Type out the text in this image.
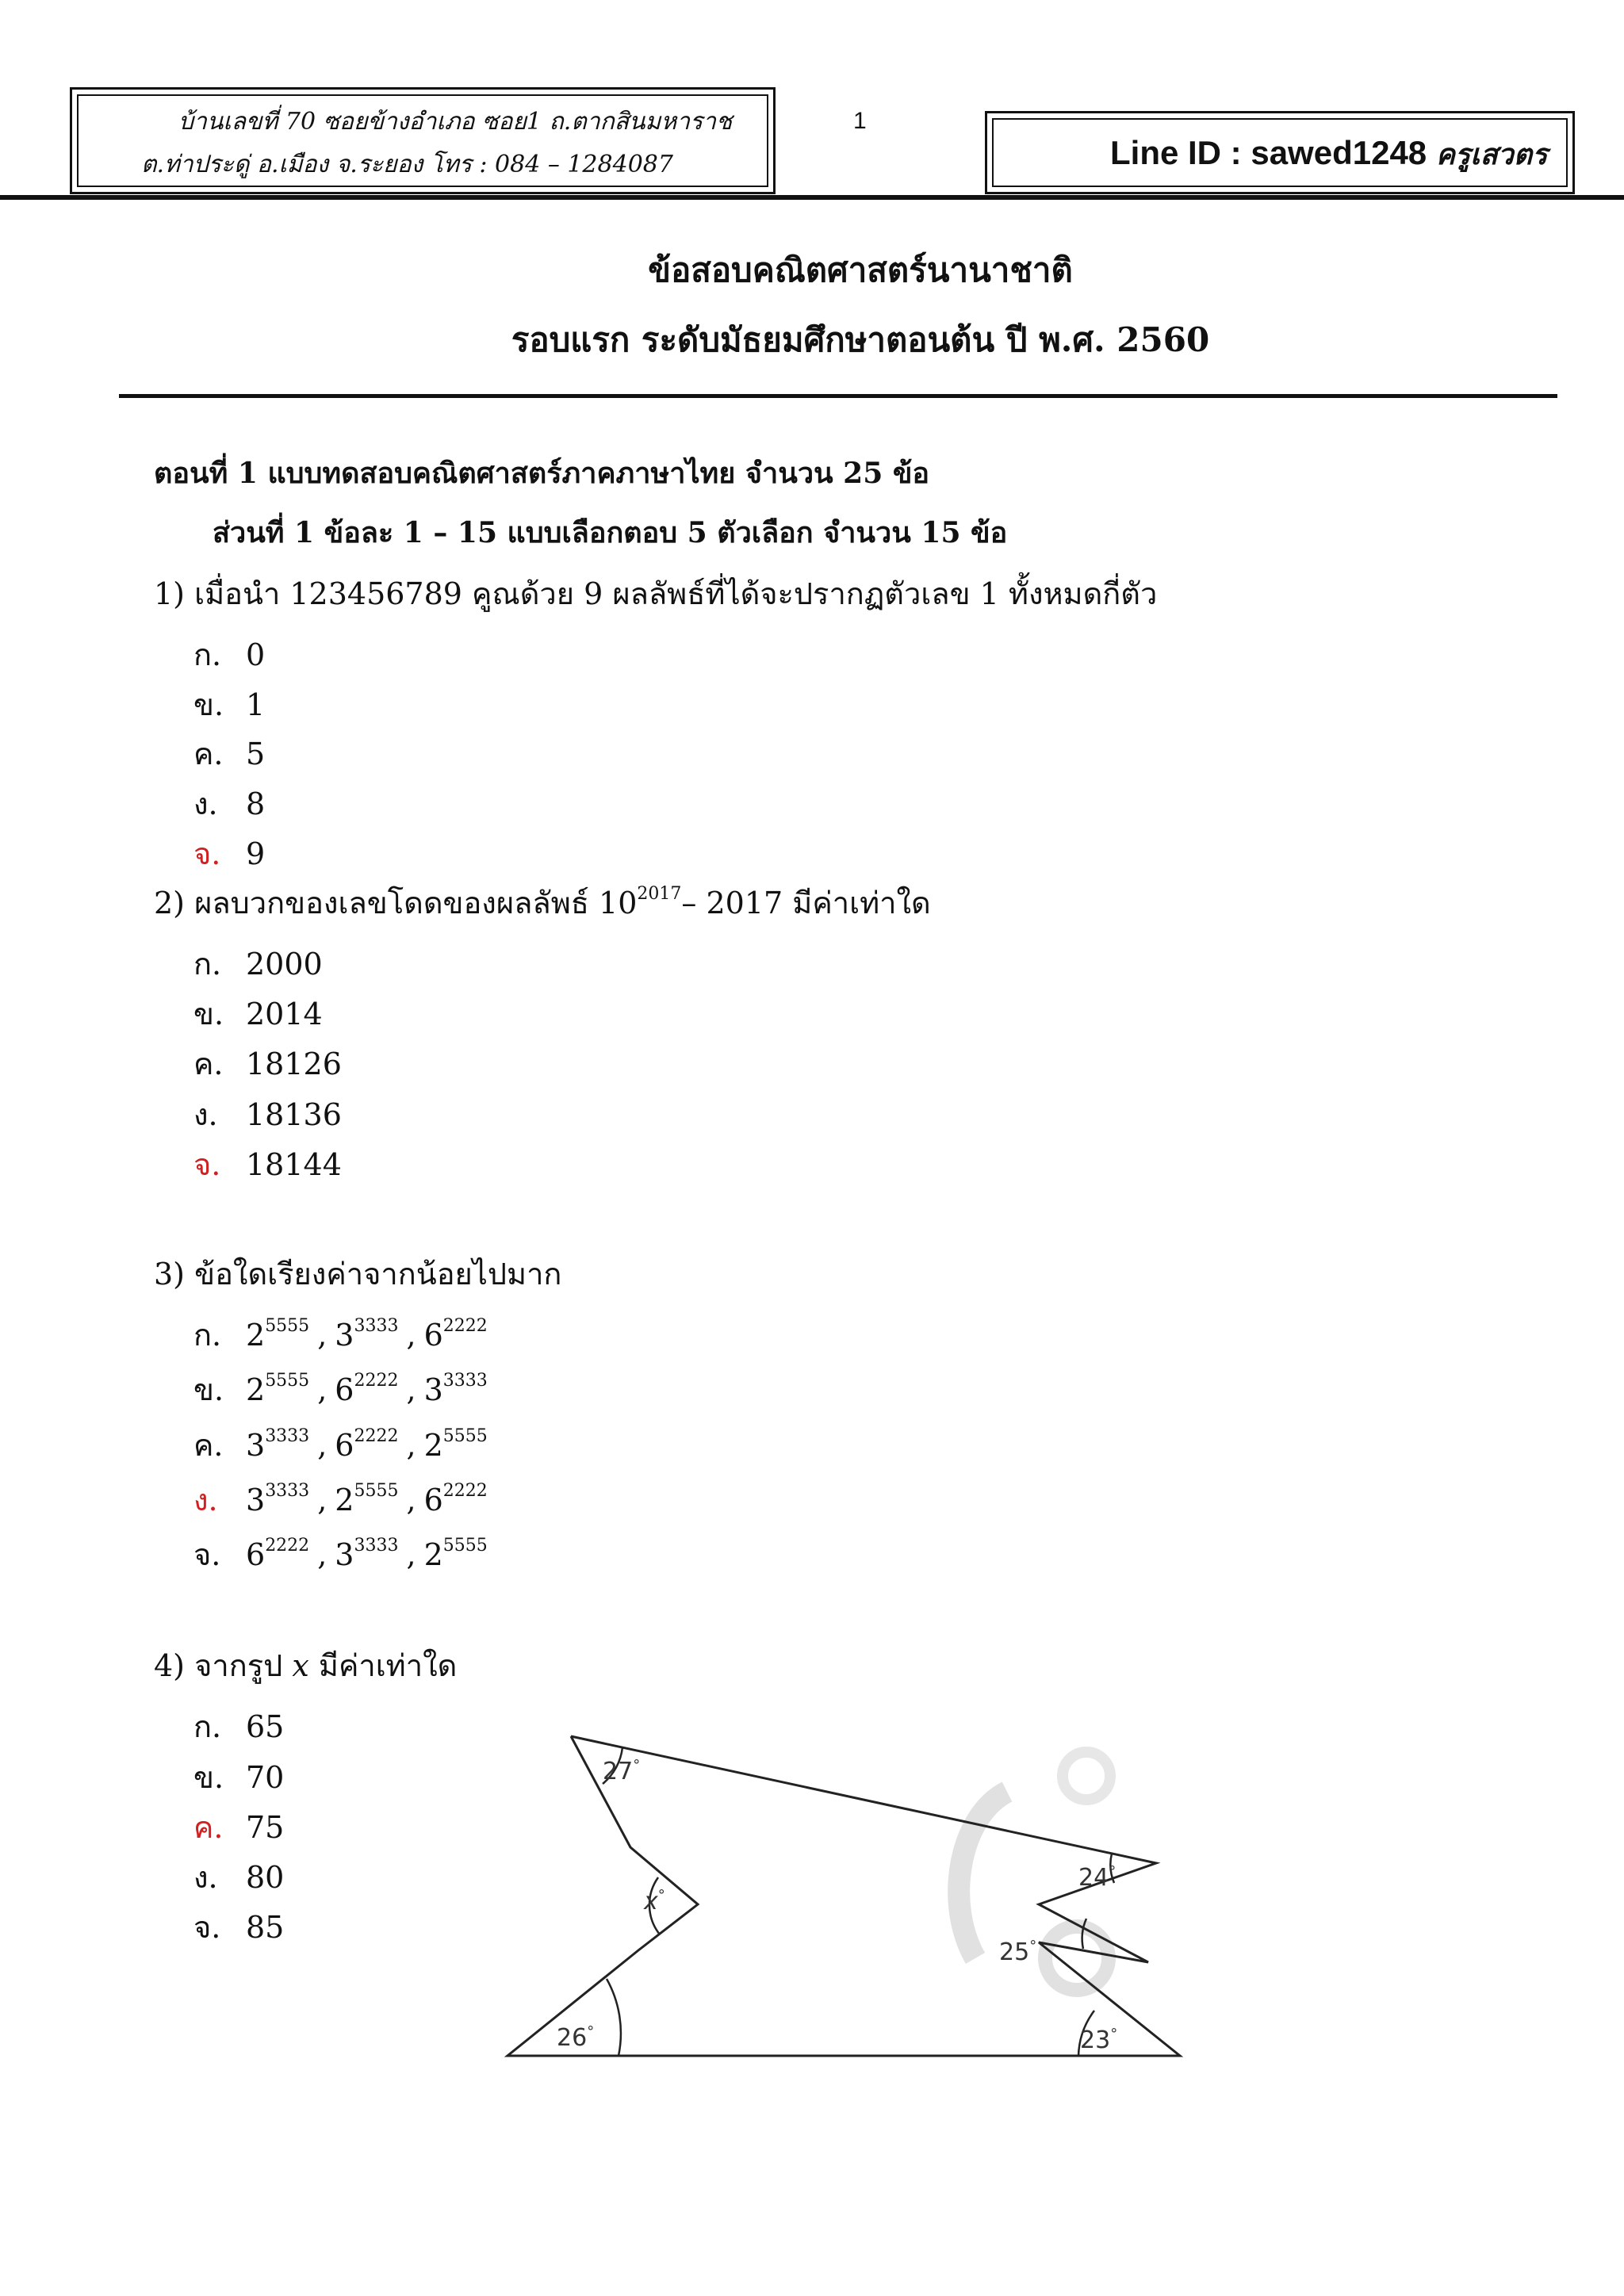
บ้านเลขที่ 70 ซอยข้างอำเภอ ซอย1 ถ.ตากสินมหาราช
ต.ท่าประดู่ อ.เมือง จ.ระยอง โทร : 084 – 1284087
1
Line ID : sawed1248 ครูเสวตร
ข้อสอบคณิตศาสตร์นานาชาติ
รอบแรก ระดับมัธยมศึกษาตอนต้น ปี พ.ศ. 2560
ตอนที่ 1 แบบทดสอบคณิตศาสตร์ภาคภาษาไทย จำนวน 25 ข้อ
ส่วนที่ 1 ข้อละ 1 – 15 แบบเลือกตอบ 5 ตัวเลือก จำนวน 15 ข้อ
1) เมื่อนำ 123456789 คูณด้วย 9 ผลลัพธ์ที่ได้จะปรากฏตัวเลข 1 ทั้งหมดกี่ตัว
ก. 0
ข. 1
ค. 5
ง. 8
จ. 9
2) ผลบวกของเลขโดดของผลลัพธ์ $10^{2017}-$ 2017 มีค่าเท่าใด
ก. 2000
ข. 2014
ค. 18126
ง. 18136
จ. 18144
3) ข้อใดเรียงค่าจากน้อยไปมาก
ก. $2^{5555}$ , $3^{3333}$ , $6^{2222}$
ข. $2^{5555}$ , $6^{2222}$ , $3^{3333}$
ค. $3^{3333}$ , $6^{2222}$ , $2^{5555}$
ง. $3^{3333}$ , $2^{5555}$ , $6^{2222}$
จ. $6^{2222}$ , $3^{3333}$ , $2^{5555}$
4) จากรูป x มีค่าเท่าใด
ก. 65
ข. 70
ค. 75
ง. 80
จ. 85
27°
x°
26°
24°
25°
23°
